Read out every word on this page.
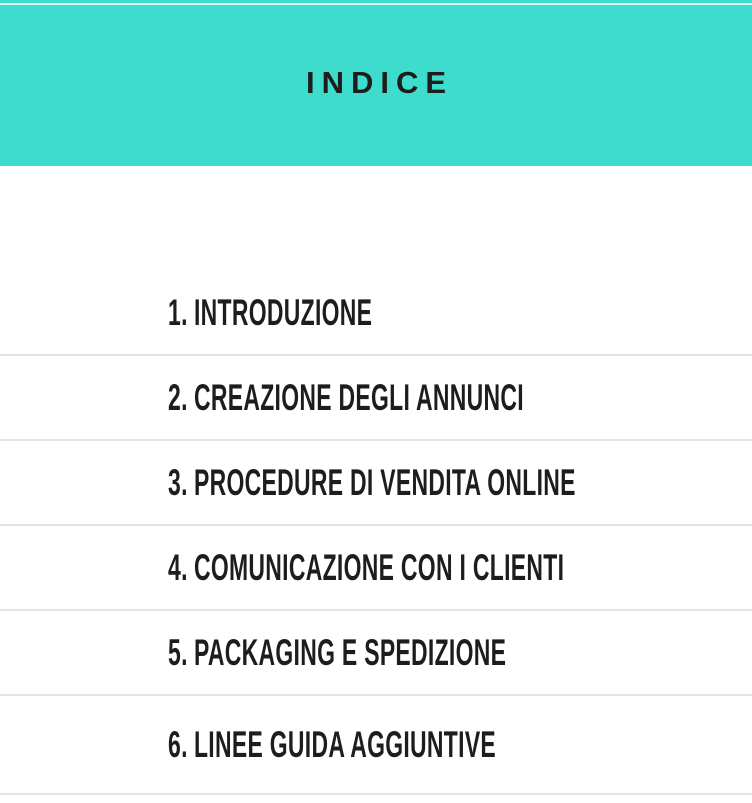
INDICE
1. INTRODUZIONE
2. CREAZIONE DEGLI ANNUNCI
3. PROCEDURE DI VENDITA ONLINE
4. COMUNICAZIONE CON I CLIENTI
5. PACKAGING E SPEDIZIONE
6. LINEE GUIDA AGGIUNTIVE
